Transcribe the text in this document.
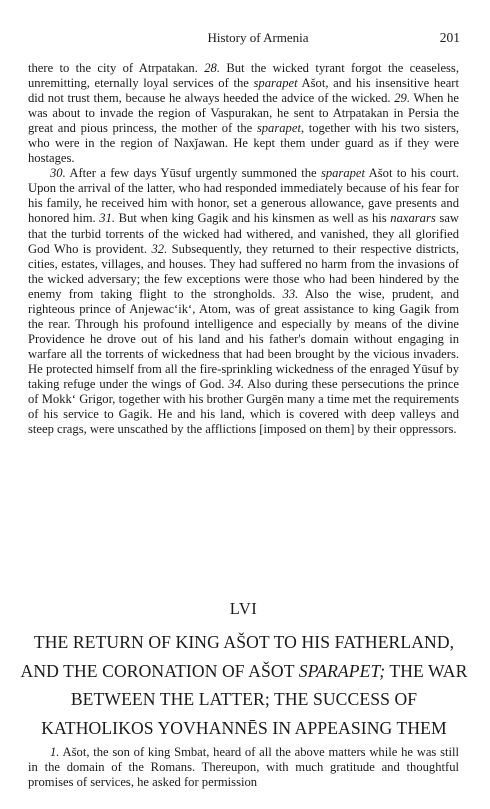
History of Armenia	201

there to the city of Atrpatakan. 28. But the wicked tyrant forgot the ceaseless, unremitting, eternally loyal services of the sparapet Ašot, and his insensitive heart did not trust them, because he always heeded the advice of the wicked. 29. When he was about to invade the region of Vaspurakan, he sent to Atrpatakan in Persia the great and pious princess, the mother of the sparapet, together with his two sisters, who were in the region of Naxǰawan. He kept them under guard as if they were hostages.

30. After a few days Yūsuf urgently summoned the sparapet Ašot to his court. Upon the arrival of the latter, who had responded immediately because of his fear for his family, he received him with honor, set a generous allowance, gave presents and honored him. 31. But when king Gagik and his kinsmen as well as his naxarars saw that the turbid torrents of the wicked had withered, and vanished, they all glorified God Who is provident. 32. Subsequently, they returned to their respective districts, cities, estates, villages, and houses. They had suffered no harm from the invasions of the wicked adversary; the few exceptions were those who had been hindered by the enemy from taking flight to the strongholds. 33. Also the wise, prudent, and righteous prince of Anjewacʻikʻ, Atom, was of great assistance to king Gagik from the rear. Through his profound intelligence and especially by means of the divine Providence he drove out of his land and his father's domain without engaging in warfare all the torrents of wickedness that had been brought by the vicious invaders. He protected himself from all the fire-sprinkling wickedness of the enraged Yūsuf by taking refuge under the wings of God. 34. Also during these persecutions the prince of Mokkʻ Grigor, together with his brother Gurgēn many a time met the requirements of his service to Gagik. He and his land, which is covered with deep valleys and steep crags, were unscathed by the afflictions [imposed on them] by their oppressors.

LVI
THE RETURN OF KING AŠOT TO HIS FATHERLAND, AND THE CORONATION OF AŠOT SPARAPET; THE WAR BETWEEN THE LATTER; THE SUCCESS OF KATHOLIKOS YOVHANNĒS IN APPEASING THEM

1. Ašot, the son of king Smbat, heard of all the above matters while he was still in the domain of the Romans. Thereupon, with much gratitude and thoughtful promises of services, he asked for permission
